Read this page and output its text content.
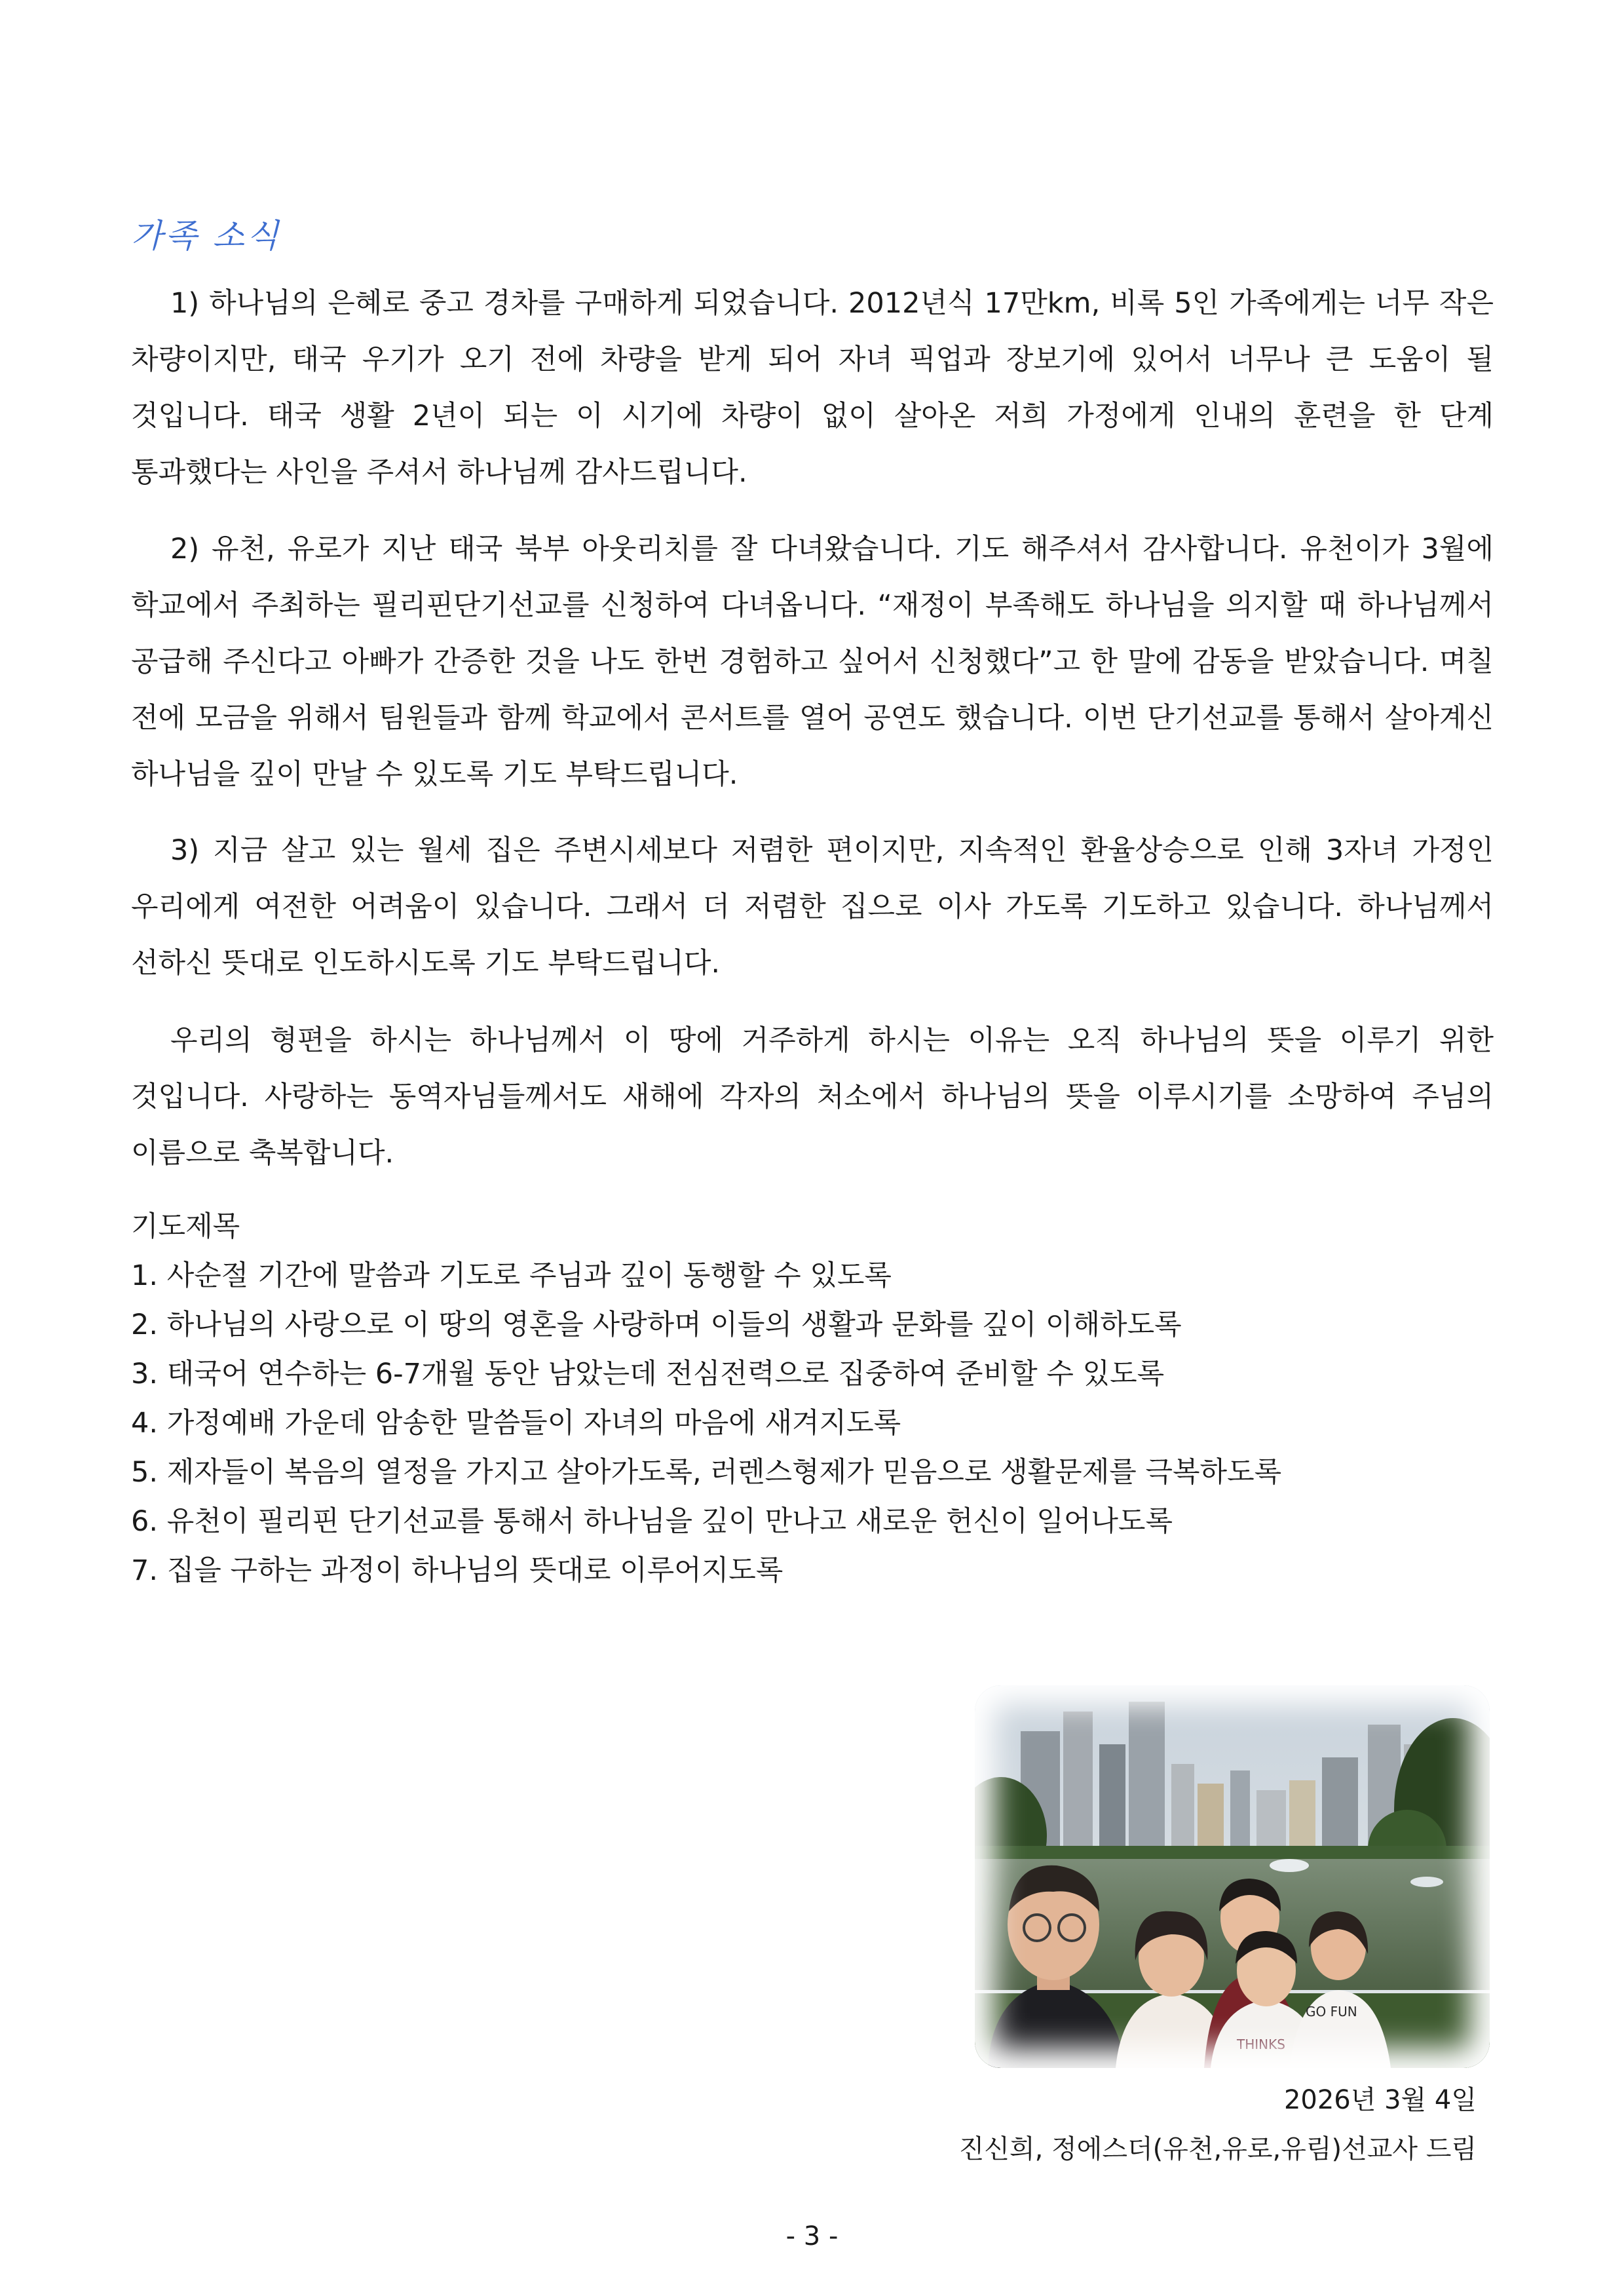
가족 소식

1) 하나님의 은혜로 중고 경차를 구매하게 되었습니다. 2012년식 17만km, 비록 5인 가족에게는 너무 작은 차량이지만, 태국 우기가 오기 전에 차량을 받게 되어 자녀 픽업과 장보기에 있어서 너무나 큰 도움이 될 것입니다. 태국 생활 2년이 되는 이 시기에 차량이 없이 살아온 저희 가정에게 인내의 훈련을 한 단계 통과했다는 사인을 주셔서 하나님께 감사드립니다.

2) 유천, 유로가 지난 태국 북부 아웃리치를 잘 다녀왔습니다. 기도 해주셔서 감사합니다. 유천이가 3월에 학교에서 주최하는 필리핀단기선교를 신청하여 다녀옵니다. “재정이 부족해도 하나님을 의지할 때 하나님께서 공급해 주신다고 아빠가 간증한 것을 나도 한번 경험하고 싶어서 신청했다”고 한 말에 감동을 받았습니다. 며칠 전에 모금을 위해서 팀원들과 함께 학교에서 콘서트를 열어 공연도 했습니다. 이번 단기선교를 통해서 살아계신 하나님을 깊이 만날 수 있도록 기도 부탁드립니다.

3) 지금 살고 있는 월세 집은 주변시세보다 저렴한 편이지만, 지속적인 환율상승으로 인해 3자녀 가정인 우리에게 여전한 어려움이 있습니다. 그래서 더 저렴한 집으로 이사 가도록 기도하고 있습니다. 하나님께서 선하신 뜻대로 인도하시도록 기도 부탁드립니다.

우리의 형편을 하시는 하나님께서 이 땅에 거주하게 하시는 이유는 오직 하나님의 뜻을 이루기 위한 것입니다. 사랑하는 동역자님들께서도 새해에 각자의 처소에서 하나님의 뜻을 이루시기를 소망하여 주님의 이름으로 축복합니다.

기도제목
1. 사순절 기간에 말씀과 기도로 주님과 깊이 동행할 수 있도록
2. 하나님의 사랑으로 이 땅의 영혼을 사랑하며 이들의 생활과 문화를 깊이 이해하도록
3. 태국어 연수하는 6-7개월 동안 남았는데 전심전력으로 집중하여 준비할 수 있도록
4. 가정예배 가운데 암송한 말씀들이 자녀의 마음에 새겨지도록
5. 제자들이 복음의 열정을 가지고 살아가도록, 러렌스형제가 믿음으로 생활문제를 극복하도록
6. 유천이 필리핀 단기선교를 통해서 하나님을 깊이 만나고 새로운 헌신이 일어나도록
7. 집을 구하는 과정이 하나님의 뜻대로 이루어지도록
THINKS
GO FUN
2026년 3월 4일
진신희, 정에스더(유천,유로,유림)선교사 드림
- 3 -
